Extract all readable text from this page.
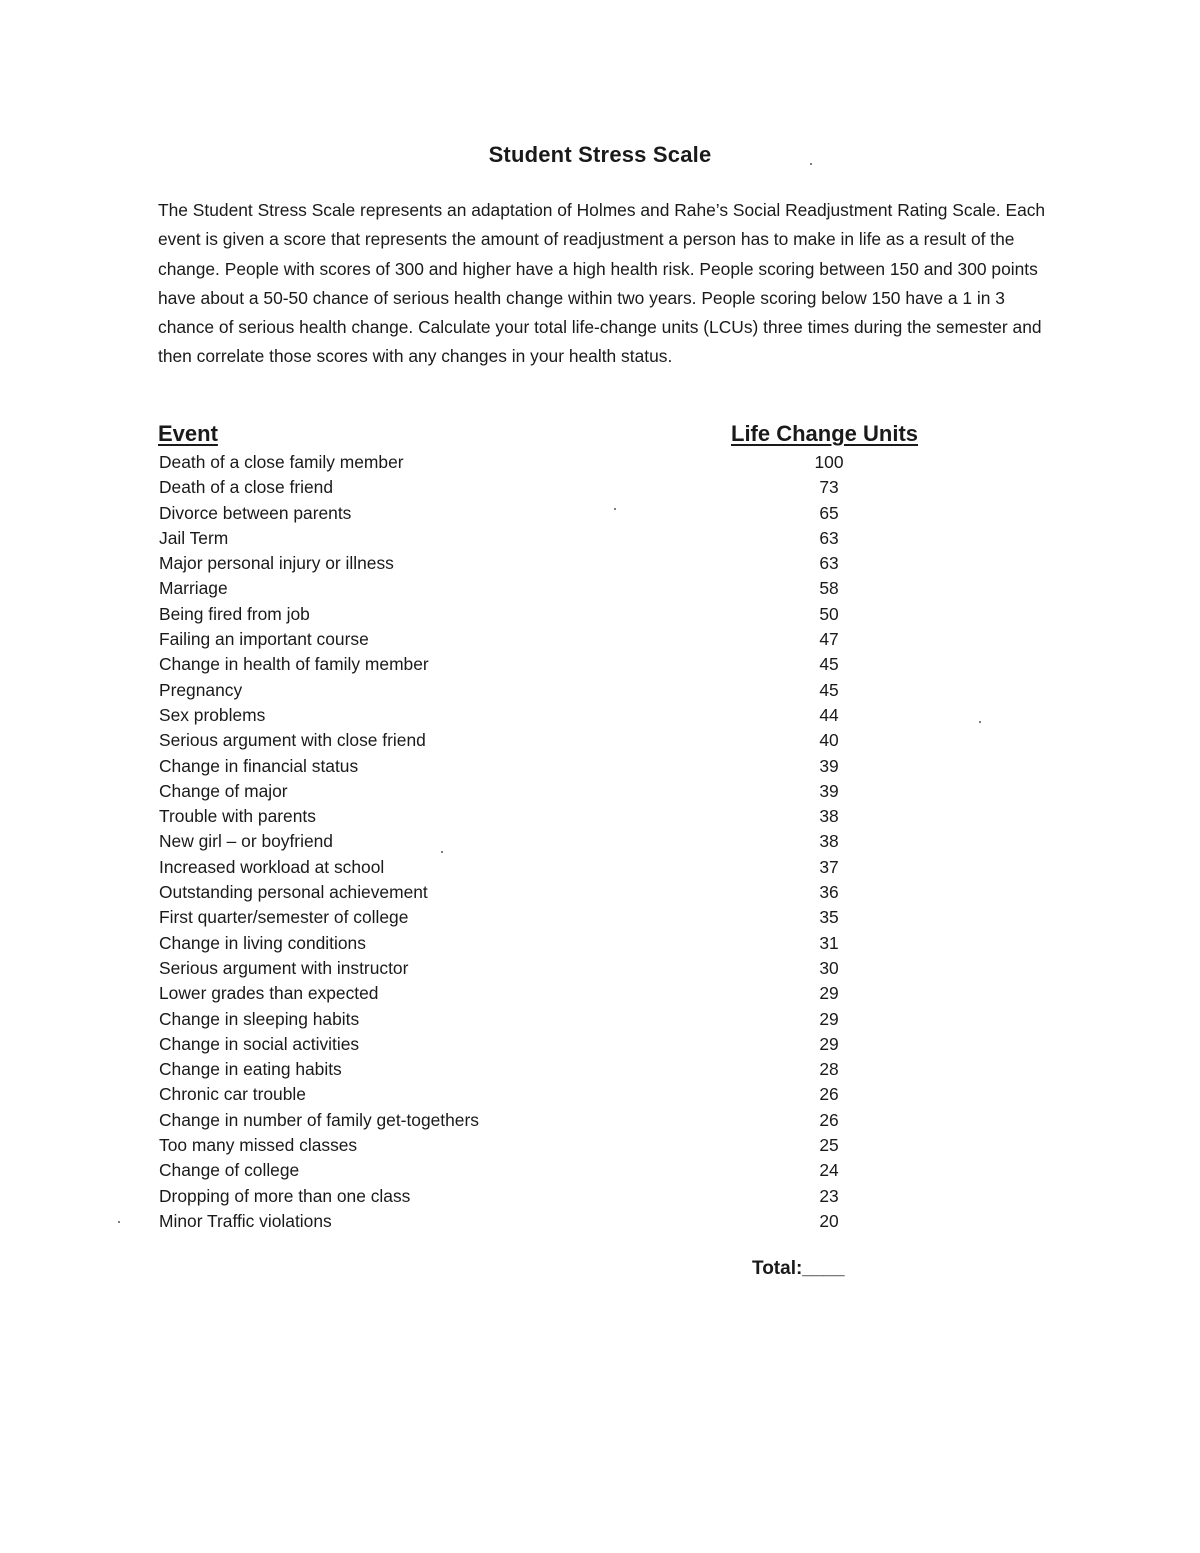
Student Stress Scale

The Student Stress Scale represents an adaptation of Holmes and Rahe’s Social Readjustment Rating Scale. Each event is given a score that represents the amount of readjustment a person has to make in life as a result of the change. People with scores of 300 and higher have a high health risk. People scoring between 150 and 300 points have about a 50-50 chance of serious health change within two years. People scoring below 150 have a 1 in 3 chance of serious health change. Calculate your total life-change units (LCUs) three times during the semester and then correlate those scores with any changes in your health status.

Event	Life Change Units
Death of a close family member	100
Death of a close friend	73
Divorce between parents	65
Jail Term	63
Major personal injury or illness	63
Marriage	58
Being fired from job	50
Failing an important course	47
Change in health of family member	45
Pregnancy	45
Sex problems	44
Serious argument with close friend	40
Change in financial status	39
Change of major	39
Trouble with parents	38
New girl – or boyfriend	38
Increased workload at school	37
Outstanding personal achievement	36
First quarter/semester of college	35
Change in living conditions	31
Serious argument with instructor	30
Lower grades than expected	29
Change in sleeping habits	29
Change in social activities	29
Change in eating habits	28
Chronic car trouble	26
Change in number of family get-togethers	26
Too many missed classes	25
Change of college	24
Dropping of more than one class	23
Minor Traffic violations	20
Total:____
